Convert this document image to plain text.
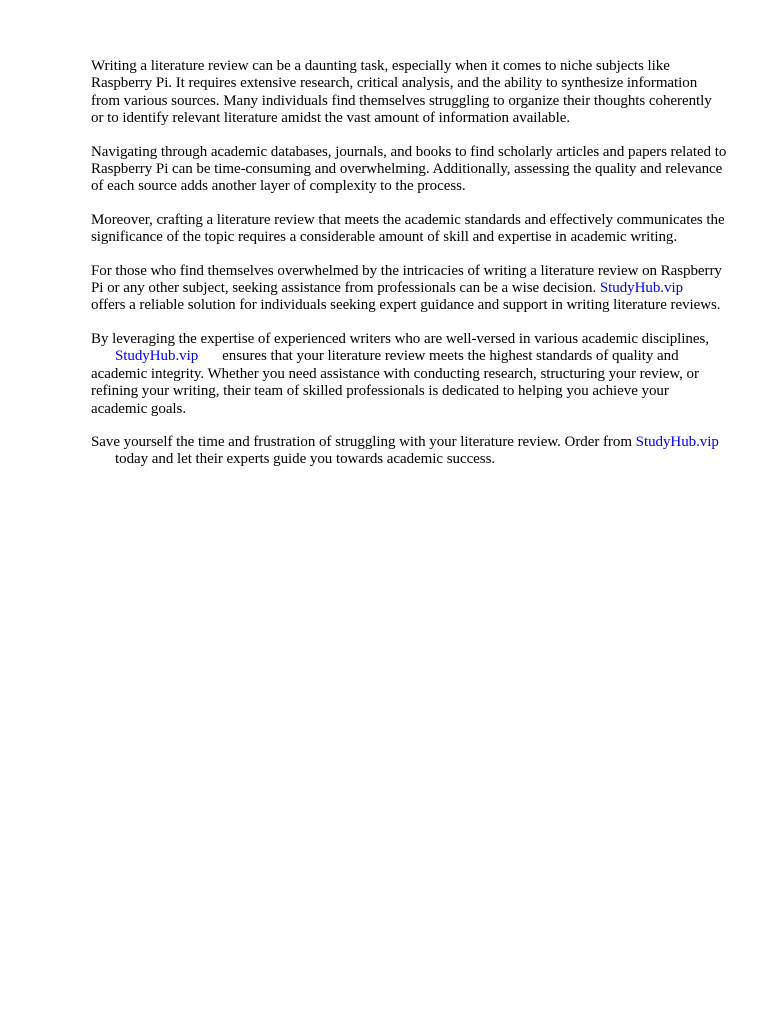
Writing a literature review can be a daunting task, especially when it comes to niche subjects like Raspberry Pi. It requires extensive research, critical analysis, and the ability to synthesize information from various sources. Many individuals find themselves struggling to organize their thoughts coherently or to identify relevant literature amidst the vast amount of information available.

Navigating through academic databases, journals, and books to find scholarly articles and papers related to Raspberry Pi can be time-consuming and overwhelming. Additionally, assessing the quality and relevance of each source adds another layer of complexity to the process.

Moreover, crafting a literature review that meets the academic standards and effectively communicates the significance of the topic requires a considerable amount of skill and expertise in academic writing.

For those who find themselves overwhelmed by the intricacies of writing a literature review on Raspberry Pi or any other subject, seeking assistance from professionals can be a wise decision. StudyHub.vipoffers a reliable solution for individuals seeking expert guidance and support in writing literature reviews.

By leveraging the expertise of experienced writers who are well-versed in various academic disciplines,StudyHub.vip ensures that your literature review meets the highest standards of quality and academic integrity. Whether you need assistance with conducting research, structuring your review, or refining your writing, their team of skilled professionals is dedicated to helping you achieve your academic goals.

Save yourself the time and frustration of struggling with your literature review. Order from StudyHub.viptoday and let their experts guide you towards academic success.
